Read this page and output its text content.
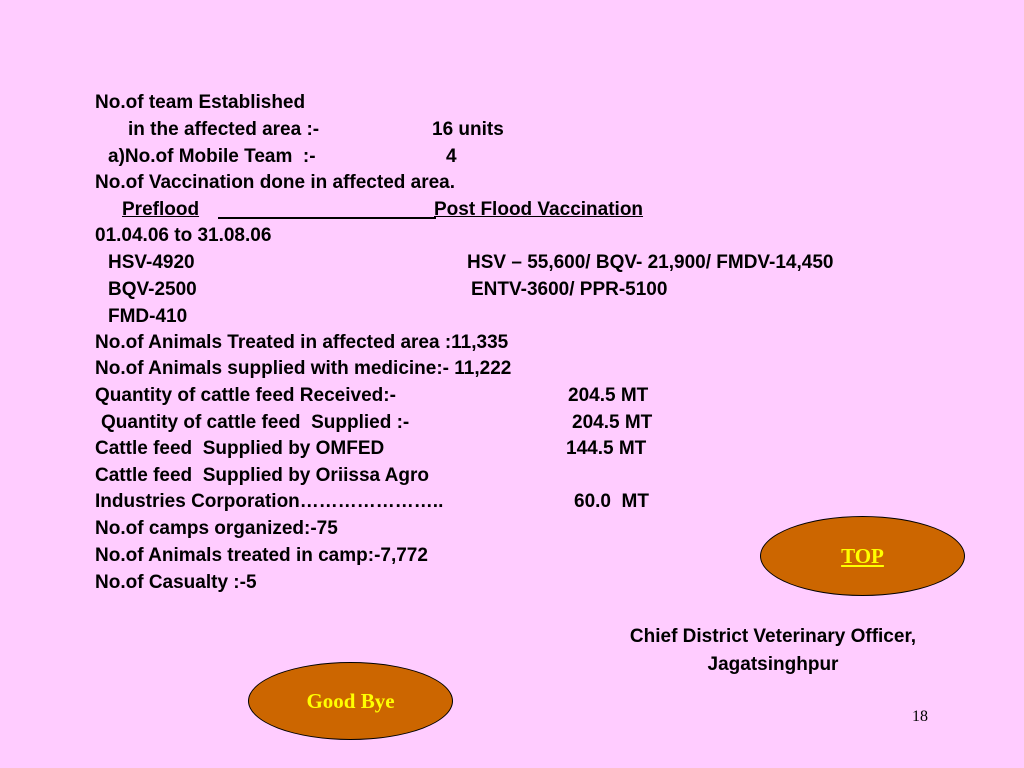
No.of team Established

in the affected area :-	16 units

a)No.of Mobile Team  :-	4

No.of Vaccination done in affected area.

Preflood	Post Flood Vaccination

01.04.06 to 31.08.06

HSV-4920	HSV – 55,600/ BQV- 21,900/ FMDV-14,450

BQV-2500	ENTV-3600/ PPR-5100

FMD-410

No.of Animals Treated in affected area :11,335

No.of Animals supplied with medicine:- 11,222

Quantity of cattle feed Received:-	204.5 MT

Quantity of cattle feed  Supplied :-	204.5 MT

Cattle feed  Supplied by OMFED	144.5 MT

Cattle feed  Supplied by Oriissa Agro

Industries Corporation…………………..	60.0  MT

No.of camps organized:-75

No.of Animals treated in camp:-7,772

No.of Casualty :-5

TOP
Chief District Veterinary Officer,
Jagatsinghpur
Good Bye
18
